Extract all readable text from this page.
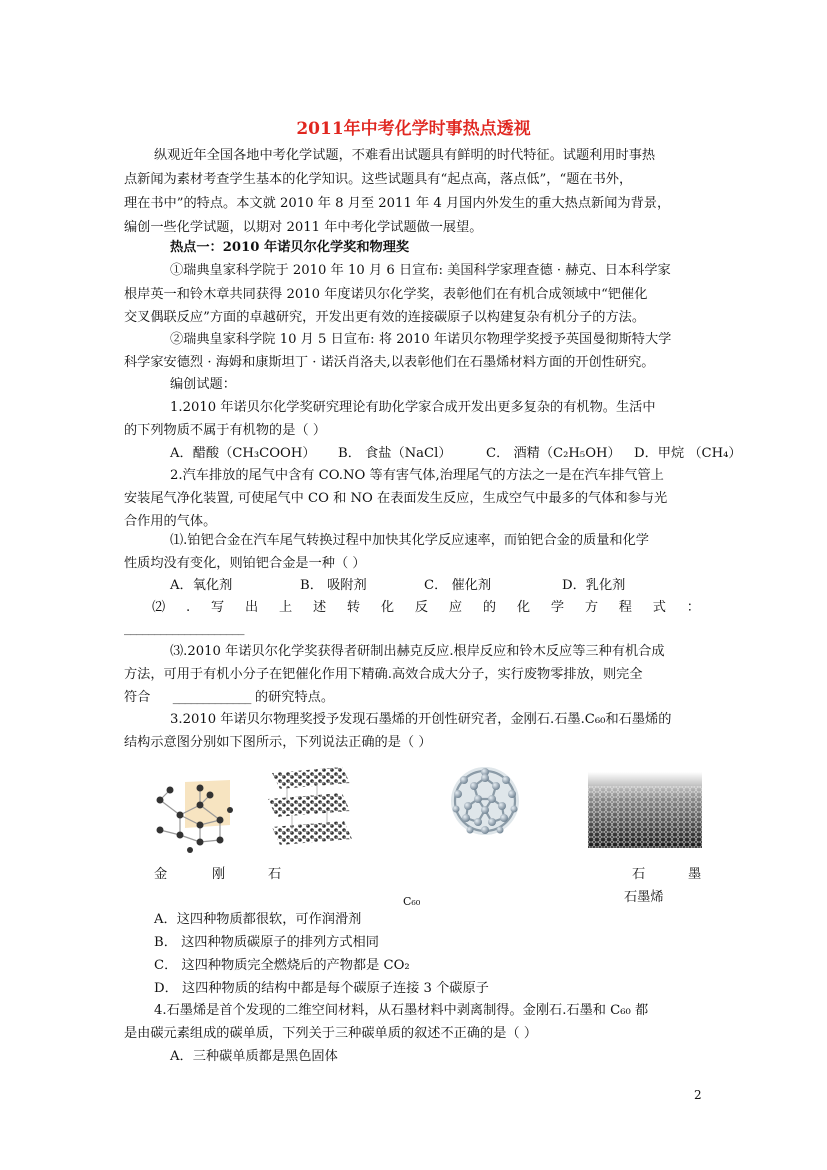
2011年中考化学时事热点透视
纵观近年全国各地中考化学试题，不难看出试题具有鲜明的时代特征。试题利用时事热
点新闻为素材考查学生基本的化学知识。这些试题具有“起点高，落点低”，“题在书外，
理在书中”的特点。本文就 2010 年 8 月至 2011 年 4 月国内外发生的重大热点新闻为背景，
编创一些化学试题，以期对 2011 年中考化学试题做一展望。
热点一：2010 年诺贝尔化学奖和物理奖
①瑞典皇家科学院于 2010 年 10 月 6 日宣布: 美国科学家理查德 · 赫克、日本科学家
根岸英一和铃木章共同获得 2010 年度诺贝尔化学奖，表彰他们在有机合成领域中“钯催化
交叉偶联反应”方面的卓越研究，开发出更有效的连接碳原子以构建复杂有机分子的方法。
②瑞典皇家科学院 10 月 5 日宣布: 将 2010 年诺贝尔物理学奖授予英国曼彻斯特大学
科学家安德烈 · 海姆和康斯坦丁 · 诺沃肖洛夫,以表彰他们在石墨烯材料方面的开创性研究。
编创试题：
1.2010 年诺贝尔化学奖研究理论有助化学家合成开发出更多复杂的有机物。生活中
的下列物质不属于有机物的是（ ）
A．醋酸（CH₃COOH） B． 食盐（NaCl）	C． 酒精（C₂H₅OH） D．甲烷 （CH₄）
2.汽车排放的尾气中含有 CO.NO 等有害气体,治理尾气的方法之一是在汽车排气管上
安装尾气净化装置, 可使尾气中 CO 和 NO 在表面发生反应，生成空气中最多的气体和参与光
合作用的气体。
⑴.铂钯合金在汽车尾气转换过程中加快其化学反应速率，而铂钯合金的质量和化学
性质均没有变化，则铂钯合金是一种（ ）
A．氧化剂	B． 吸附剂	C． 催化剂	D．乳化剂
⑵ . 写 出 上 述 转 化 反 应 的 化 学 方 程 式 ：
____________________
⑶.2010 年诺贝尔化学奖获得者研制出赫克反应.根岸反应和铃木反应等三种有机合成
方法，可用于有机小分子在钯催化作用下精确.高效合成大分子，实行废物零排放，则完全
符合 _____________ 的研究特点。
3.2010 年诺贝尔物理奖授予发现石墨烯的开创性研究者，金刚石.石墨.C₆₀和石墨烯的
结构示意图分别如下图所示，下列说法正确的是（ ）
金	刚	石	石	墨
C₆₀	石墨烯
A．这四种物质都很软，可作润滑剂
B． 这四种物质碳原子的排列方式相同
C． 这四种物质完全燃烧后的产物都是 CO₂
D． 这四种物质的结构中都是每个碳原子连接 3 个碳原子
4.石墨烯是首个发现的二维空间材料，从石墨材料中剥离制得。金刚石.石墨和 C₆₀ 都
是由碳元素组成的碳单质，下列关于三种碳单质的叙述不正确的是（ ）
A．三种碳单质都是黑色固体
2
